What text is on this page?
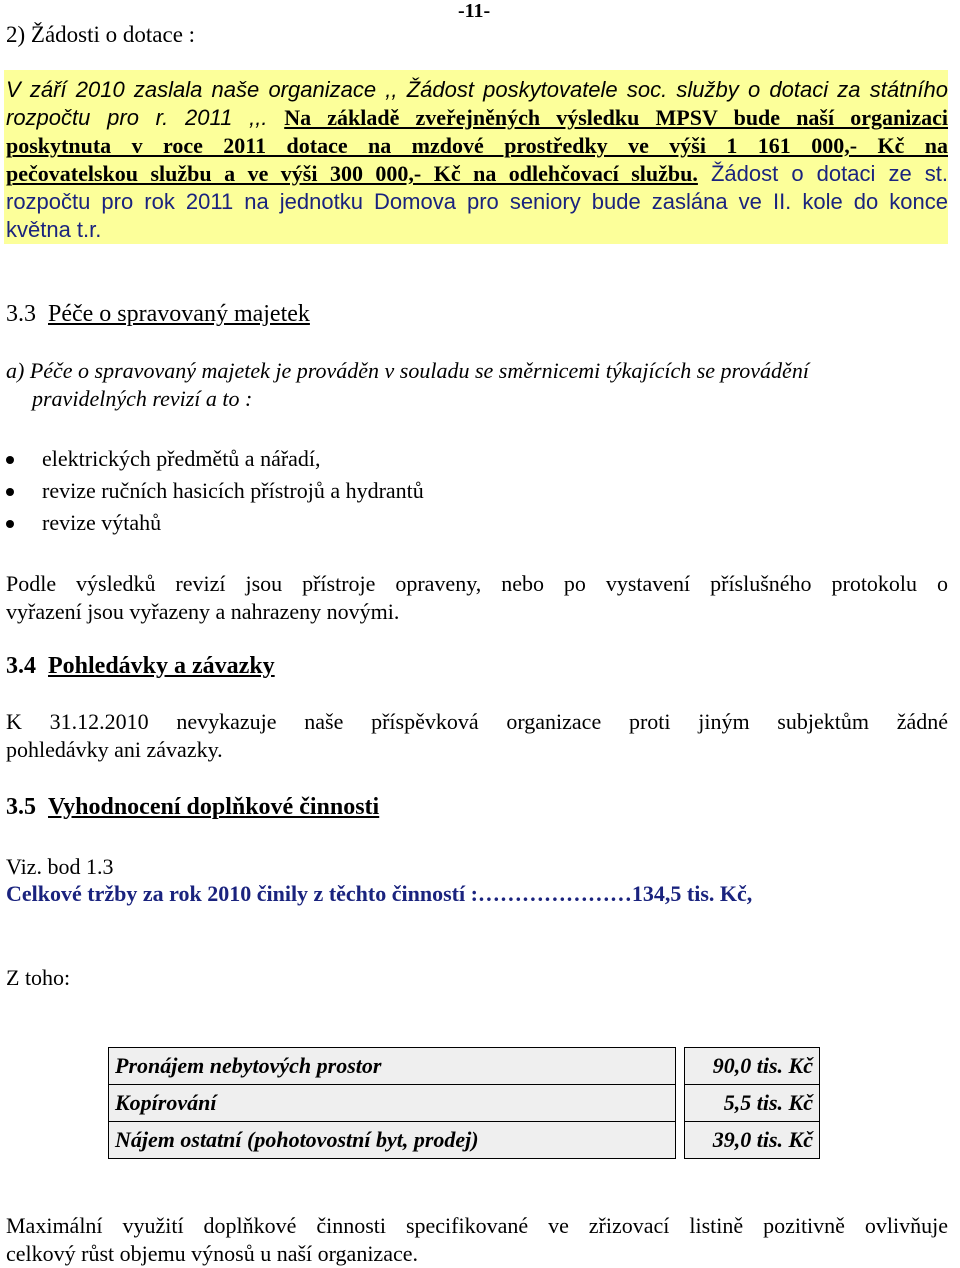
-11-
2) Žádosti o dotace :
V září 2010 zaslala naše organizace ,, Žádost poskytovatele soc. služby o dotaci za státního
rozpočtu pro r. 2011 ,,. Na základě zveřejněných výsledku MPSV bude naší organizaci
poskytnuta v roce 2011 dotace na mzdové prostředky ve výši 1 161 000,- Kč na
pečovatelskou službu a ve výši 300 000,- Kč na odlehčovací službu. Žádost o dotaci ze st.
rozpočtu pro rok 2011 na jednotku Domova pro seniory bude zaslána ve II. kole do konce
května t.r.
3.3 Péče o spravovaný majetek
a) Péče o spravovaný majetek je prováděn v souladu se směrnicemi týkajících se provádění
pravidelných revizí a to :
elektrických předmětů a nářadí,
revize ručních hasicích přístrojů a hydrantů
revize výtahů
Podle výsledků revizí jsou přístroje opraveny, nebo po vystavení příslušného protokolu o
vyřazení jsou vyřazeny a nahrazeny novými.
3.4 Pohledávky a závazky
K 31.12.2010 nevykazuje naše příspěvková organizace proti jiným subjektům žádné
pohledávky ani závazky.
3.5 Vyhodnocení doplňkové činnosti
Viz. bod 1.3
Celkové tržby za rok 2010 činily z těchto činností :…………………134,5 tis. Kč,
Z toho:
Pronájem nebytových prostor		90,0 tis. Kč
Kopírování		5,5 tis. Kč
Nájem ostatní (pohotovostní byt, prodej)		39,0 tis. Kč
Maximální využití doplňkové činnosti specifikované ve zřizovací listině pozitivně ovlivňuje
celkový růst objemu výnosů u naší organizace.
